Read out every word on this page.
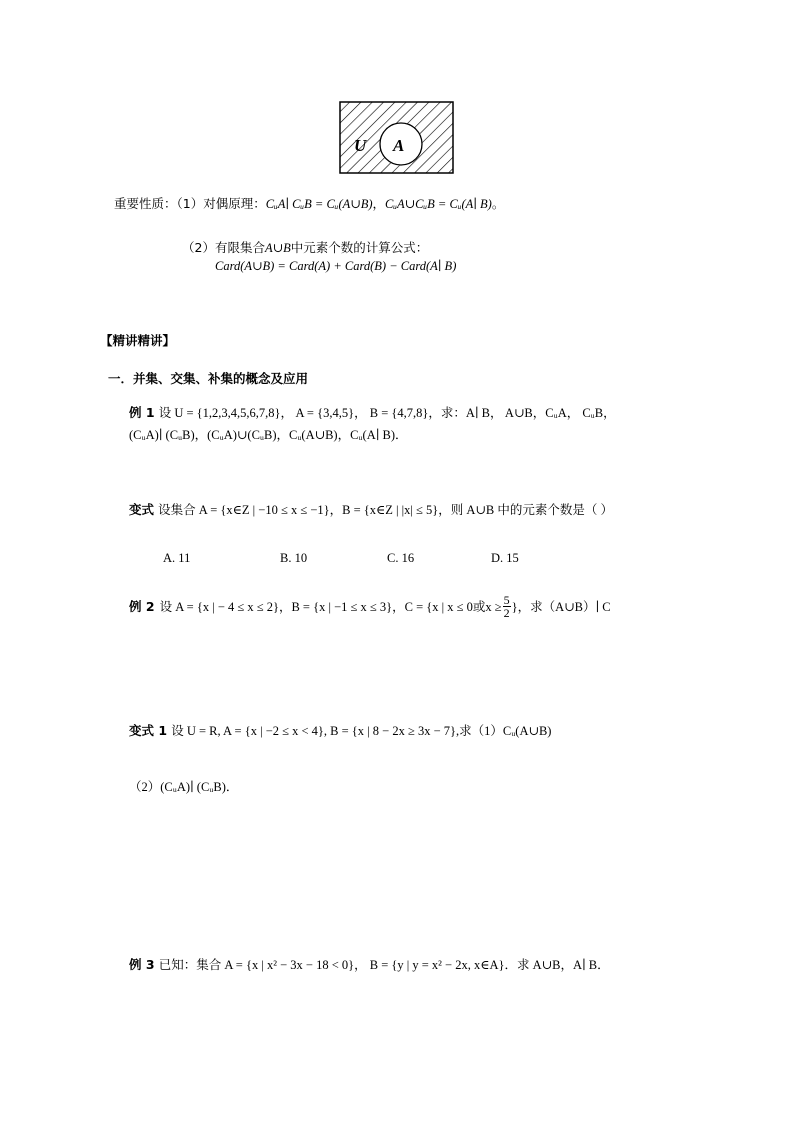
U A
重要性质：（1）对偶原理：CᵤA∣ CᵤB = Cᵤ(A∪B)，CᵤA∪CᵤB = Cᵤ(A∣ B)。
（2）有限集合A∪B中元素个数的计算公式：
Card(A∪B) = Card(A) + Card(B) − Card(A∣ B)
【精讲精讲】
一．并集、交集、补集的概念及应用
例 1 设 U = {1,2,3,4,5,6,7,8}， A = {3,4,5}， B = {4,7,8}，求：A∣ B， A∪B，CᵤA， CᵤB，
(CᵤA)∣ (CᵤB)，(CᵤA)∪(CᵤB)，Cᵤ(A∪B)，Cᵤ(A∣ B)．
变式 设集合 A = {x∈Z | −10 ≤ x ≤ −1}，B = {x∈Z | |x| ≤ 5}，则 A∪B 中的元素个数是（ ）
A. 11	B. 10	C. 16	D. 15
例 2 设 A = {x | − 4 ≤ x ≤ 2}，B = {x | −1 ≤ x ≤ 3}，C = {x | x ≤ 0或$x \ge \frac{5}{2}$ }，求（A∪B）∣ C
变式 1 设 U = R, A = {x | −2 ≤ x < 4}, B = {x | 8 − 2x ≥ 3x − 7},求（1）Cᵤ(A∪B)
（2）(CᵤA)∣ (CᵤB)．
例 3 已知：集合 A = {x | x² − 3x − 18 < 0}， B = {y | y = x² − 2x, x∈A}．求 A∪B，A∣ B．
